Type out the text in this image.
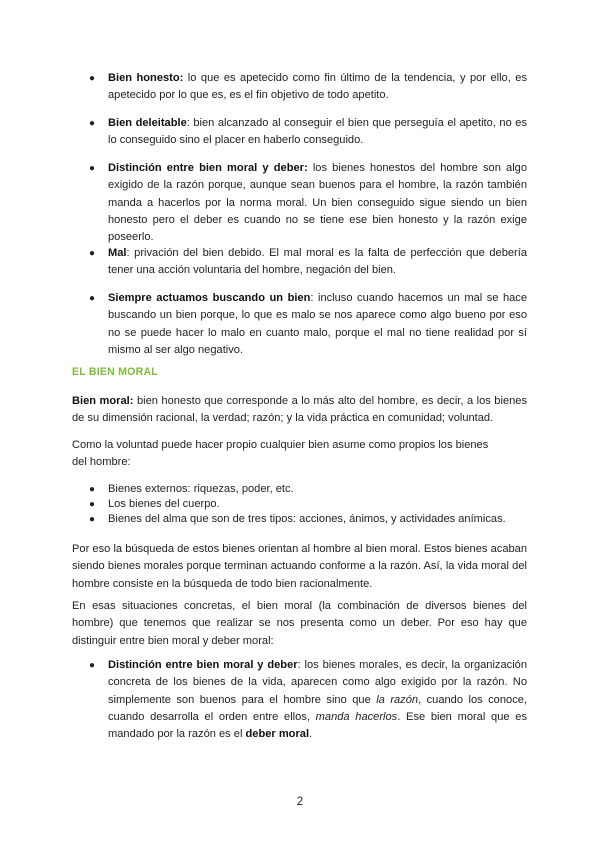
● Bien honesto: lo que es apetecido como fin último de la tendencia, y por ello, es apetecido por lo que es, es el fin objetivo de todo apetito.
● Bien deleitable: bien alcanzado al conseguir el bien que perseguía el apetito, no es lo conseguido sino el placer en haberlo conseguido.
● Distinción entre bien moral y deber: los bienes honestos del hombre son algo exigido de la razón porque, aunque sean buenos para el hombre, la razón también manda a hacerlos por la norma moral. Un bien conseguido sigue siendo un bien honesto pero el deber es cuando no se tiene ese bien honesto y la razón exige poseerlo.
● Mal: privación del bien debido. El mal moral es la falta de perfección que debería tener una acción voluntaria del hombre, negación del bien.
● Siempre actuamos buscando un bien: incluso cuando hacemos un mal se hace buscando un bien porque, lo que es malo se nos aparece como algo bueno por eso no se puede hacer lo malo en cuanto malo, porque el mal no tiene realidad por sí mismo al ser algo negativo.
EL BIEN MORAL
Bien moral: bien honesto que corresponde a lo más alto del hombre, es decir, a los bienes de su dimensión racional, la verdad; razón; y la vida práctica en comunidad; voluntad.
Como la voluntad puede hacer propio cualquier bien asume como propios los bienes
del hombre:
● Bienes externos: riquezas, poder, etc.
● Los bienes del cuerpo.
● Bienes del alma que son de tres tipos: acciones, ánimos, y actividades anímicas.
Por eso la búsqueda de estos bienes orientan al hombre al bien moral. Estos bienes acaban siendo bienes morales porque terminan actuando conforme a la razón. Así, la vida moral del hombre consiste en la búsqueda de todo bien racionalmente.
En esas situaciones concretas, el bien moral (la combinación de diversos bienes del hombre) que tenemos que realizar se nos presenta como un deber. Por eso hay que distinguir entre bien moral y deber moral:
● Distinción entre bien moral y deber: los bienes morales, es decir, la organización concreta de los bienes de la vida, aparecen como algo exigido por la razón. No simplemente son buenos para el hombre sino que la razón, cuando los conoce, cuando desarrolla el orden entre ellos, manda hacerlos. Ese bien moral que es mandado por la razón es el deber moral.
2
